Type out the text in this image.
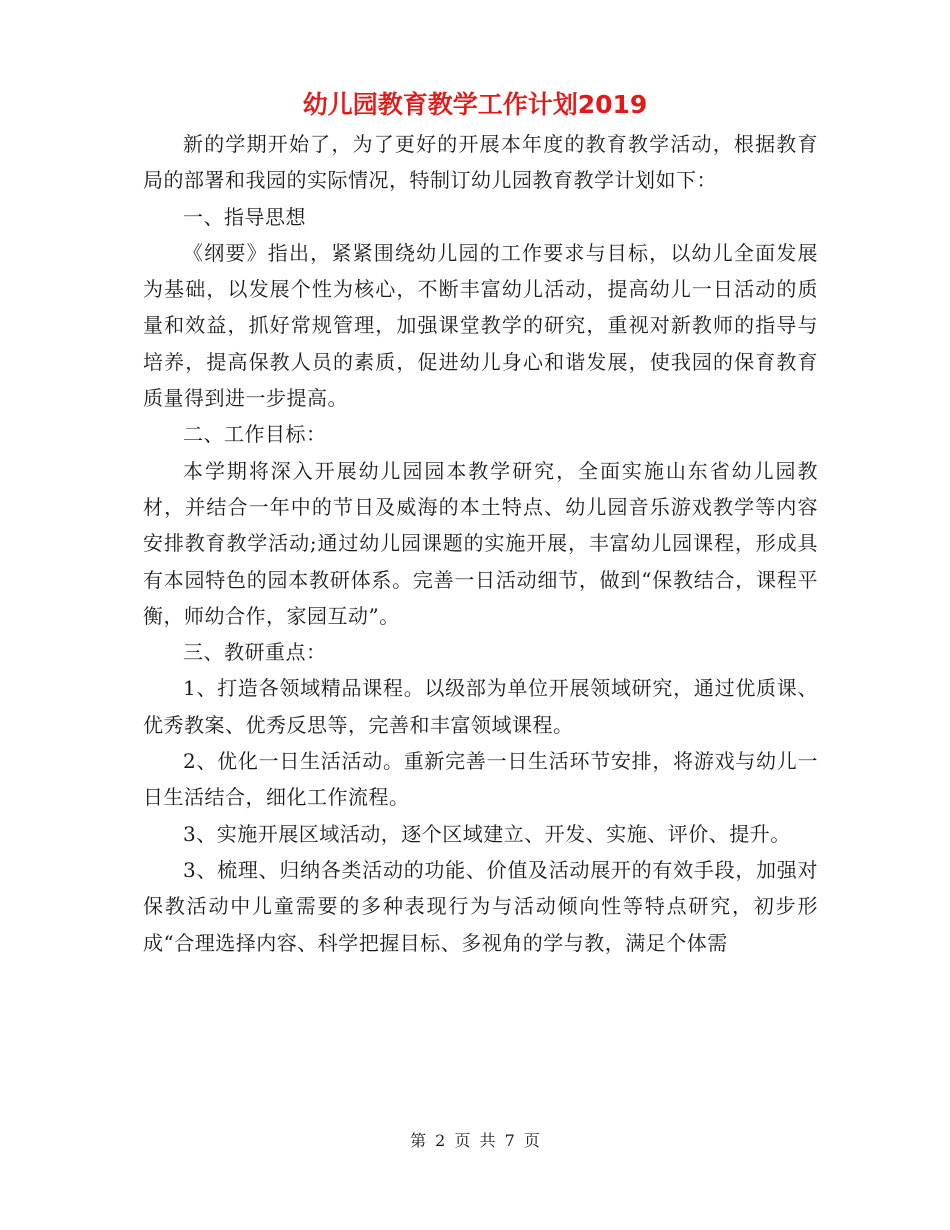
幼儿园教育教学工作计划2019

新的学期开始了，为了更好的开展本年度的教育教学活动，根据教育局的部署和我园的实际情况，特制订幼儿园教育教学计划如下：

一、指导思想

《纲要》指出，紧紧围绕幼儿园的工作要求与目标，以幼儿全面发展为基础，以发展个性为核心，不断丰富幼儿活动，提高幼儿一日活动的质量和效益，抓好常规管理，加强课堂教学的研究，重视对新教师的指导与培养，提高保教人员的素质，促进幼儿身心和谐发展，使我园的保育教育质量得到进一步提高。

二、工作目标：

本学期将深入开展幼儿园园本教学研究，全面实施山东省幼儿园教材，并结合一年中的节日及威海的本土特点、幼儿园音乐游戏教学等内容安排教育教学活动;通过幼儿园课题的实施开展，丰富幼儿园课程，形成具有本园特色的园本教研体系。完善一日活动细节，做到“保教结合，课程平衡，师幼合作，家园互动”。

三、教研重点：

1、打造各领域精品课程。以级部为单位开展领域研究，通过优质课、优秀教案、优秀反思等，完善和丰富领域课程。

2、优化一日生活活动。重新完善一日生活环节安排，将游戏与幼儿一日生活结合，细化工作流程。

3、实施开展区域活动，逐个区域建立、开发、实施、评价、提升。

3、梳理、归纳各类活动的功能、价值及活动展开的有效手段，加强对保教活动中儿童需要的多种表现行为与活动倾向性等特点研究，初步形成“合理选择内容、科学把握目标、多视角的学与教，满足个体需

第 2 页 共 7 页
